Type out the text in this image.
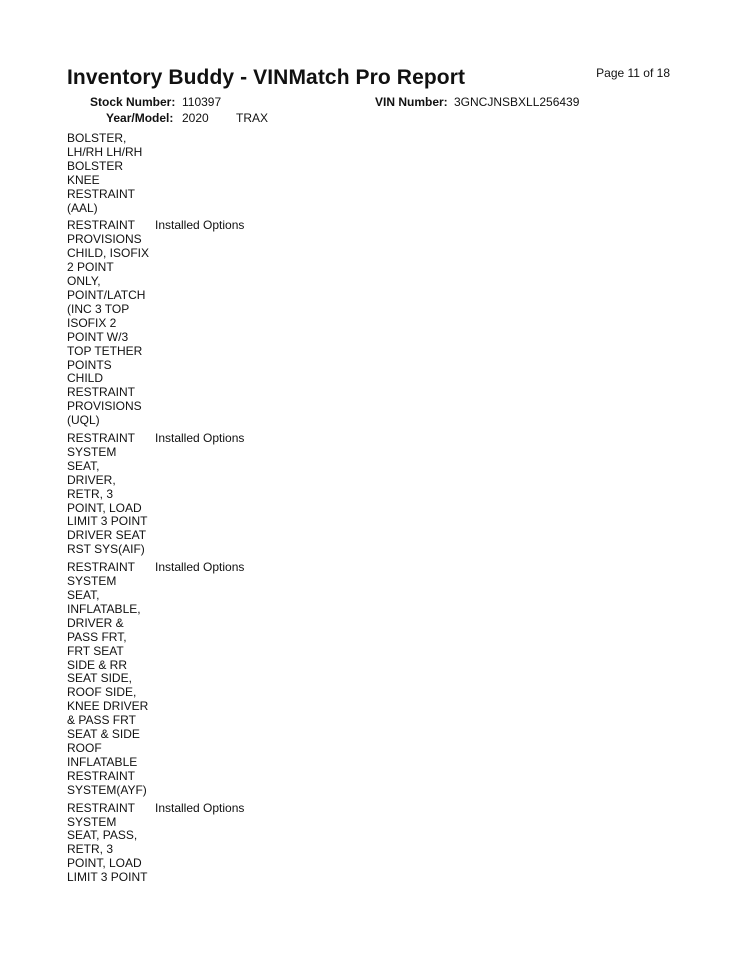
Inventory Buddy - VINMatch Pro Report	Page 11 of 18
Stock Number: 110397	VIN Number: 3GNCJNSBXLL256439
Year/Model: 2020 TRAX
BOLSTER,
LH/RH LH/RH
BOLSTER
KNEE
RESTRAINT
(AAL)
RESTRAINT
PROVISIONS
CHILD, ISOFIX
2 POINT
ONLY,
POINT/LATCH
(INC 3 TOP
ISOFIX 2
POINT W/3
TOP TETHER
POINTS
CHILD
RESTRAINT
PROVISIONS
(UQL)
Installed Options
RESTRAINT
SYSTEM
SEAT,
DRIVER,
RETR, 3
POINT, LOAD
LIMIT 3 POINT
DRIVER SEAT
RST SYS(AIF)
Installed Options
RESTRAINT
SYSTEM
SEAT,
INFLATABLE,
DRIVER &
PASS FRT,
FRT SEAT
SIDE & RR
SEAT SIDE,
ROOF SIDE,
KNEE DRIVER
& PASS FRT
SEAT & SIDE
ROOF
INFLATABLE
RESTRAINT
SYSTEM(AYF)
Installed Options
RESTRAINT
SYSTEM
SEAT, PASS,
RETR, 3
POINT, LOAD
LIMIT 3 POINT
Installed Options
